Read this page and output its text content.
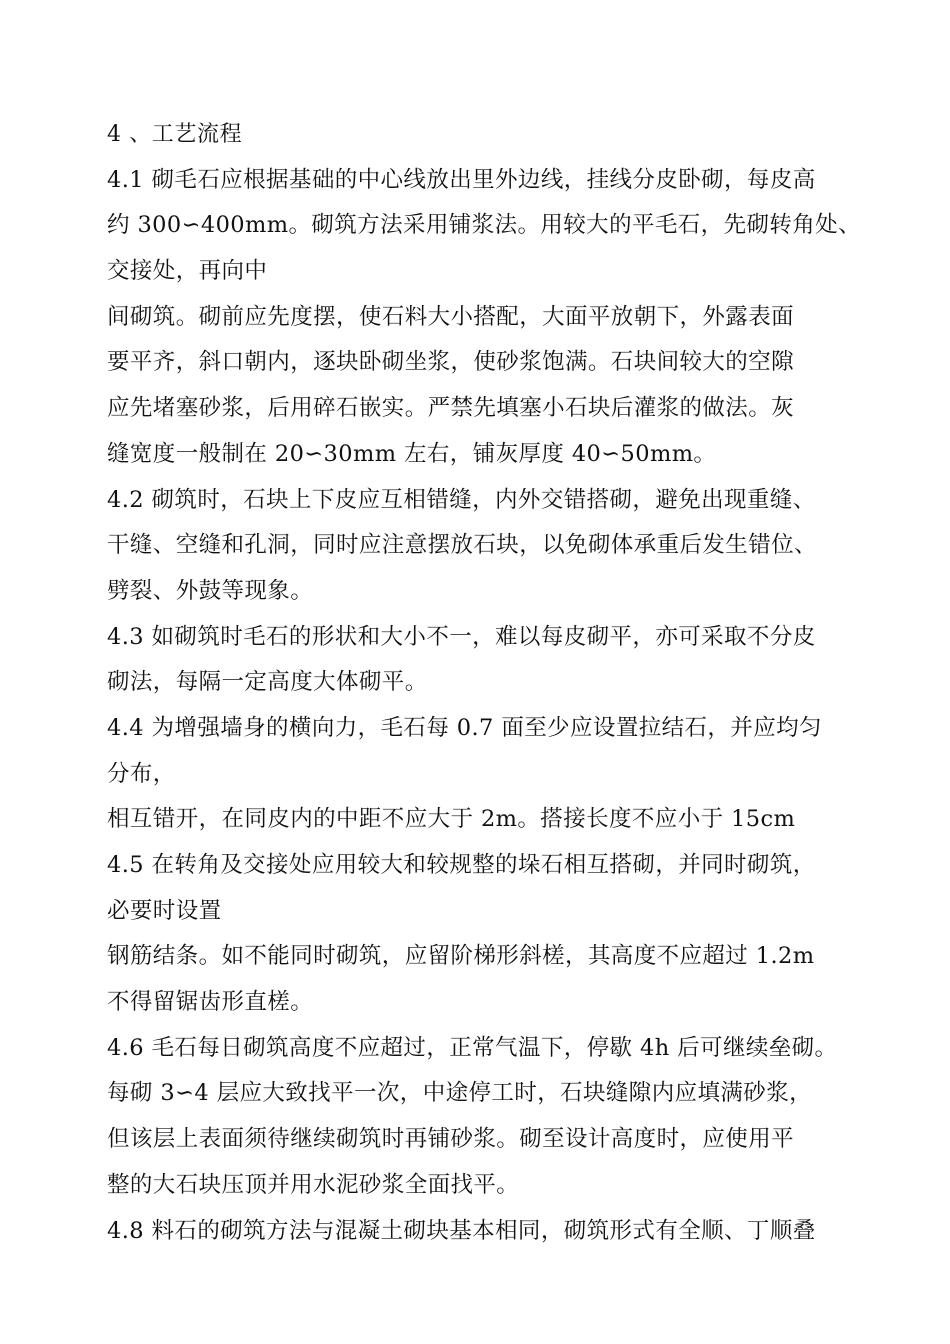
4 、工艺流程
4.1 砌毛石应根据基础的中心线放出里外边线，挂线分皮卧砌，每皮高
约 300∽400mm。砌筑方法采用铺浆法。用较大的平毛石，先砌转角处、
交接处，再向中
间砌筑。砌前应先度摆，使石料大小搭配，大面平放朝下，外露表面
要平齐，斜口朝内，逐块卧砌坐浆，使砂浆饱满。石块间较大的空隙
应先堵塞砂浆，后用碎石嵌实。严禁先填塞小石块后灌浆的做法。灰
缝宽度一般制在 20∽30mm 左右，铺灰厚度 40∽50mm。
4.2 砌筑时，石块上下皮应互相错缝，内外交错搭砌，避免出现重缝、
干缝、空缝和孔洞，同时应注意摆放石块，以免砌体承重后发生错位、
劈裂、外鼓等现象。
4.3 如砌筑时毛石的形状和大小不一，难以每皮砌平，亦可采取不分皮
砌法，每隔一定高度大体砌平。
4.4 为增强墙身的横向力，毛石每 0.7 面至少应设置拉结石，并应均匀
分布，
相互错开，在同皮内的中距不应大于 2m。搭接长度不应小于 15cm
4.5 在转角及交接处应用较大和较规整的垛石相互搭砌，并同时砌筑，
必要时设置
钢筋结条。如不能同时砌筑，应留阶梯形斜槎，其高度不应超过 1.2m
不得留锯齿形直槎。
4.6 毛石每日砌筑高度不应超过，正常气温下，停歇 4h 后可继续垒砌。
每砌 3∽4 层应大致找平一次，中途停工时，石块缝隙内应填满砂浆，
但该层上表面须待继续砌筑时再铺砂浆。砌至设计高度时，应使用平
整的大石块压顶并用水泥砂浆全面找平。
4.8 料石的砌筑方法与混凝土砌块基本相同，砌筑形式有全顺、丁顺叠
